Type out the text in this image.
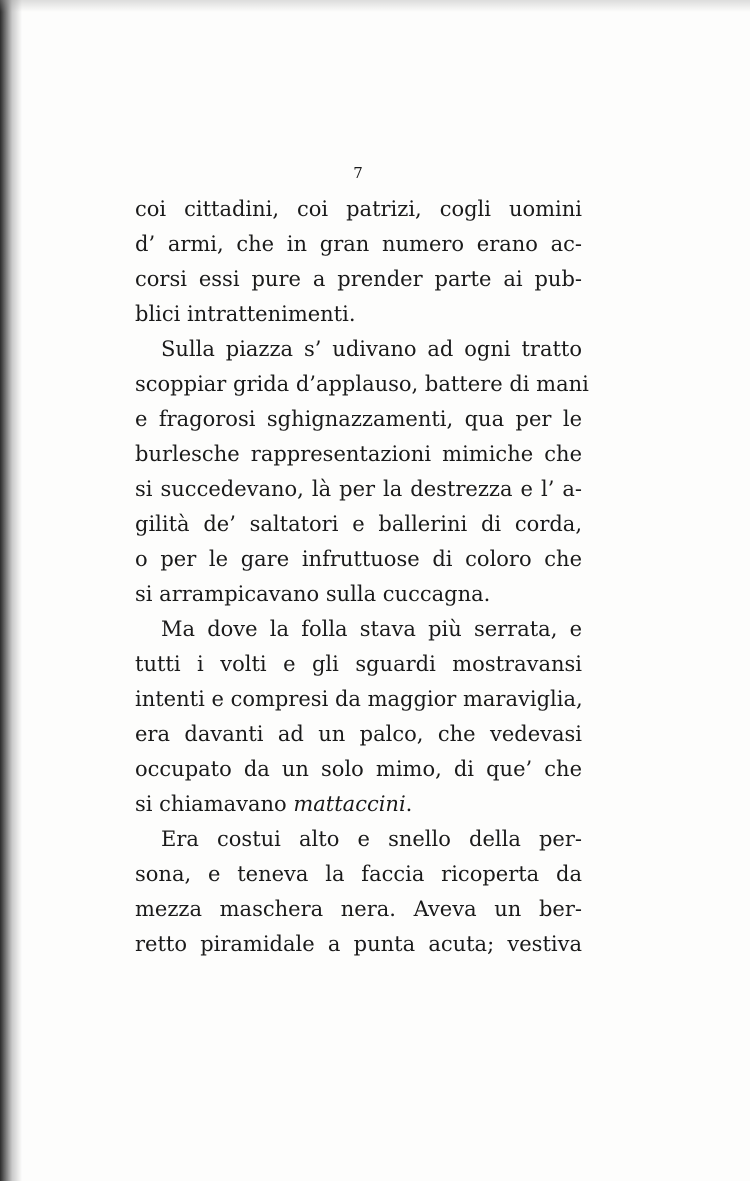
7
coi cittadini, coi patrizi, cogli uomini
d’ armi, che in gran numero erano ac-
corsi essi pure a prender parte ai pub-
blici intrattenimenti.
Sulla piazza s’ udivano ad ogni tratto
scoppiar grida d’applauso, battere di mani
e fragorosi sghignazzamenti, qua per le
burlesche rappresentazioni mimiche che
si succedevano, là per la destrezza e l’ a-
gilità de’ saltatori e ballerini di corda,
o per le gare infruttuose di coloro che
si arrampicavano sulla cuccagna.
Ma dove la folla stava più serrata, e
tutti i volti e gli sguardi mostravansi
intenti e compresi da maggior maraviglia,
era davanti ad un palco, che vedevasi
occupato da un solo mimo, di que’ che
si chiamavano mattaccini.
Era costui alto e snello della per-
sona, e teneva la faccia ricoperta da
mezza maschera nera. Aveva un ber-
retto piramidale a punta acuta; vestiva
